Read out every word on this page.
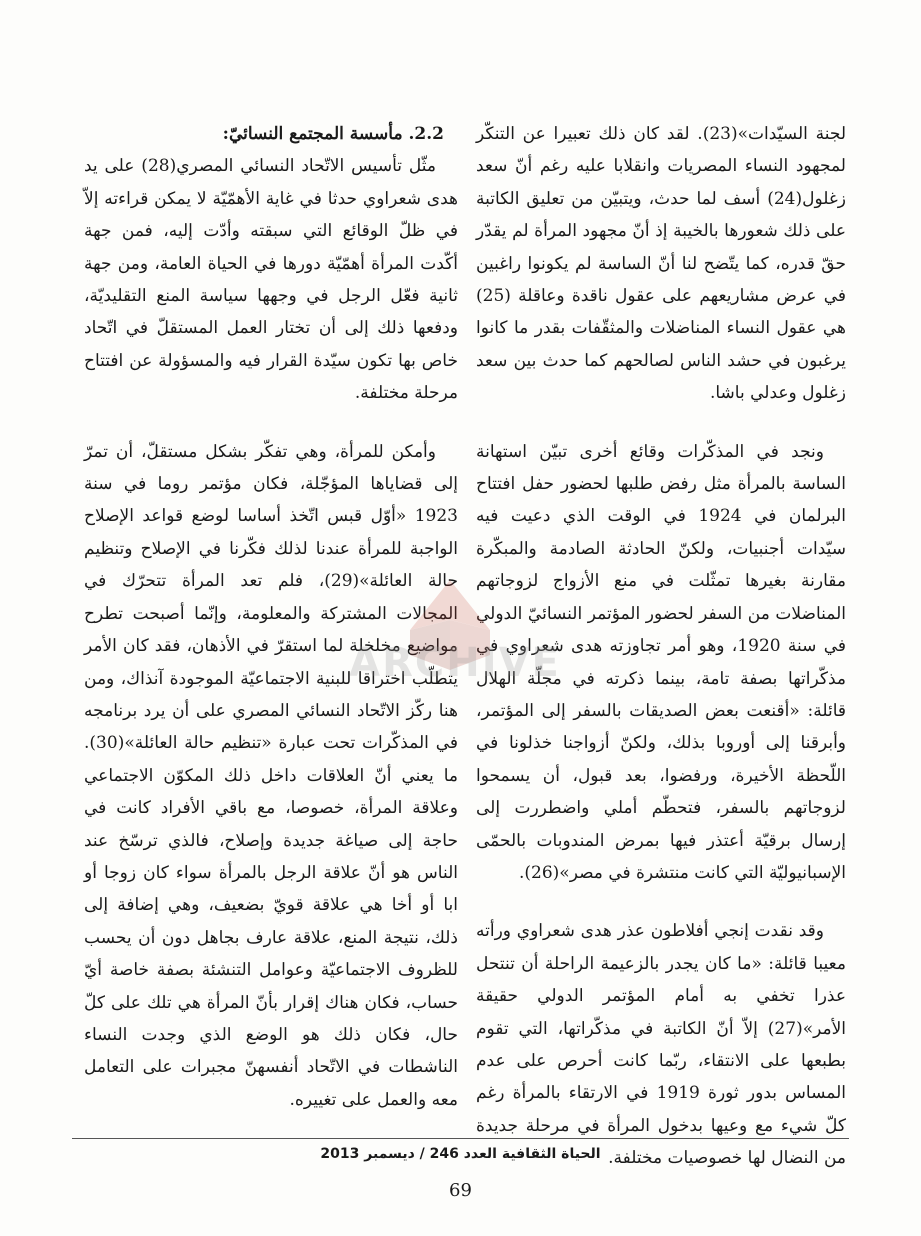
لجنة السيّدات»(23). لقد كان ذلك تعبيرا عن التنكّر لمجهود النساء المصريات وانقلابا عليه رغم أنّ سعد زغلول(24) أسف لما حدث، ويتبيّن من تعليق الكاتبة على ذلك شعورها بالخيبة إذ أنّ مجهود المرأة لم يقدّر حقّ قدره، كما يتّضح لنا أنّ الساسة لم يكونوا راغبين في عرض مشاريعهم على عقول ناقدة وعاقلة (25) هي عقول النساء المناضلات والمثقّفات بقدر ما كانوا يرغبون في حشد الناس لصالحهم كما حدث بين سعد زغلول وعدلي باشا.

ونجد في المذكّرات وقائع أخرى تبيّن استهانة الساسة بالمرأة مثل رفض طلبها لحضور حفل افتتاح البرلمان في 1924 في الوقت الذي دعيت فيه سيّدات أجنبيات، ولكنّ الحادثة الصادمة والمبكّرة مقارنة بغيرها تمثّلت في منع الأزواج لزوجاتهم المناضلات من السفر لحضور المؤتمر النسائيّ الدولي في سنة 1920، وهو أمر تجاوزته هدى شعراوي في مذكّراتها بصفة تامة، بينما ذكرته في مجلّة الهلال قائلة: «أقنعت بعض الصديقات بالسفر إلى المؤتمر، وأبرقنا إلى أوروبا بذلك، ولكنّ أزواجنا خذلونا في اللّحظة الأخيرة، ورفضوا، بعد قبول، أن يسمحوا لزوجاتهم بالسفر، فتحطّم أملي واضطررت إلى إرسال برقيّة أعتذر فيها بمرض المندوبات بالحمّى الإسبانيوليّة التي كانت منتشرة في مصر»(26).

وقد نقدت إنجي أفلاطون عذر هدى شعراوي ورأته معيبا قائلة: «ما كان يجدر بالزعيمة الراحلة أن تنتحل عذرا تخفي به أمام المؤتمر الدولي حقيقة الأمر»(27) إلاّ أنّ الكاتبة في مذكّراتها، التي تقوم بطبعها على الانتقاء، ربّما كانت أحرص على عدم المساس بدور ثورة 1919 في الارتقاء بالمرأة رغم كلّ شيء مع وعيها بدخول المرأة في مرحلة جديدة من النضال لها خصوصيات مختلفة.

2.2. مأسسة المجتمع النسائيّ:

مثّل تأسيس الاتّحاد النسائي المصري(28) على يد هدى شعراوي حدثا في غاية الأهمّيّة لا يمكن قراءته إلاّ في ظلّ الوقائع التي سبقته وأدّت إليه، فمن جهة أكّدت المرأة أهمّيّة دورها في الحياة العامة، ومن جهة ثانية فعّل الرجل في وجهها سياسة المنع التقليديّة، ودفعها ذلك إلى أن تختار العمل المستقلّ في اتّحاد خاص بها تكون سيّدة القرار فيه والمسؤولة عن افتتاح مرحلة مختلفة.

وأمكن للمرأة، وهي تفكّر بشكل مستقلّ، أن تمرّ إلى قضاياها المؤجّلة، فكان مؤتمر روما في سنة 1923 «أوّل قبس اتّخذ أساسا لوضع قواعد الإصلاح الواجبة للمرأة عندنا لذلك فكّرنا في الإصلاح وتنظيم حالة العائلة»(29)، فلم تعد المرأة تتحرّك في المجالات المشتركة والمعلومة، وإنّما أصبحت تطرح مواضيع مخلخلة لما استقرّ في الأذهان، فقد كان الأمر يتطلّب اختراقا للبنية الاجتماعيّة الموجودة آنذاك، ومن هنا ركّز الاتّحاد النسائي المصري على أن يرد برنامجه في المذكّرات تحت عبارة «تنظيم حالة العائلة»(30). ما يعني أنّ العلاقات داخل ذلك المكوّن الاجتماعي وعلاقة المرأة، خصوصا، مع باقي الأفراد كانت في حاجة إلى صياغة جديدة وإصلاح، فالذي ترسّخ عند الناس هو أنّ علاقة الرجل بالمرأة سواء كان زوجا أو ابا أو أخا هي علاقة قويّ بضعيف، وهي إضافة إلى ذلك، نتيجة المنع، علاقة عارف بجاهل دون أن يحسب للظروف الاجتماعيّة وعوامل التنشئة بصفة خاصة أيّ حساب، فكان هناك إقرار بأنّ المرأة هي تلك على كلّ حال، فكان ذلك هو الوضع الذي وجدت النساء الناشطات في الاتّحاد أنفسهنّ مجبرات على التعامل معه والعمل على تغييره.

ARCHIVE
الحياة الثقافية العدد 246 / ديسمبر 2013
69
